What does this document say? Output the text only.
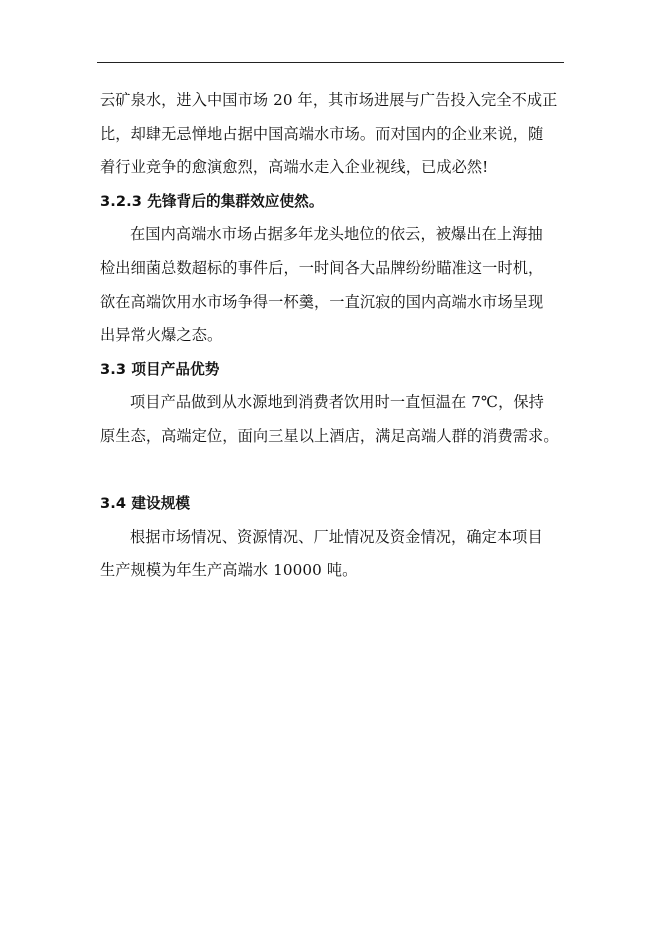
云矿泉水，进入中国市场 20 年，其市场进展与广告投入完全不成正
比，却肆无忌惮地占据中国高端水市场。而对国内的企业来说，随
着行业竞争的愈演愈烈，高端水走入企业视线，已成必然!
3.2.3 先锋背后的集群效应使然。
在国内高端水市场占据多年龙头地位的依云，被爆出在上海抽
检出细菌总数超标的事件后，一时间各大品牌纷纷瞄准这一时机，
欲在高端饮用水市场争得一杯羹，一直沉寂的国内高端水市场呈现
出异常火爆之态。
3.3 项目产品优势
项目产品做到从水源地到消费者饮用时一直恒温在 7℃，保持
原生态，高端定位，面向三星以上酒店，满足高端人群的消费需求。
3.4 建设规模
根据市场情况、资源情况、厂址情况及资金情况，确定本项目
生产规模为年生产高端水 10000 吨。
